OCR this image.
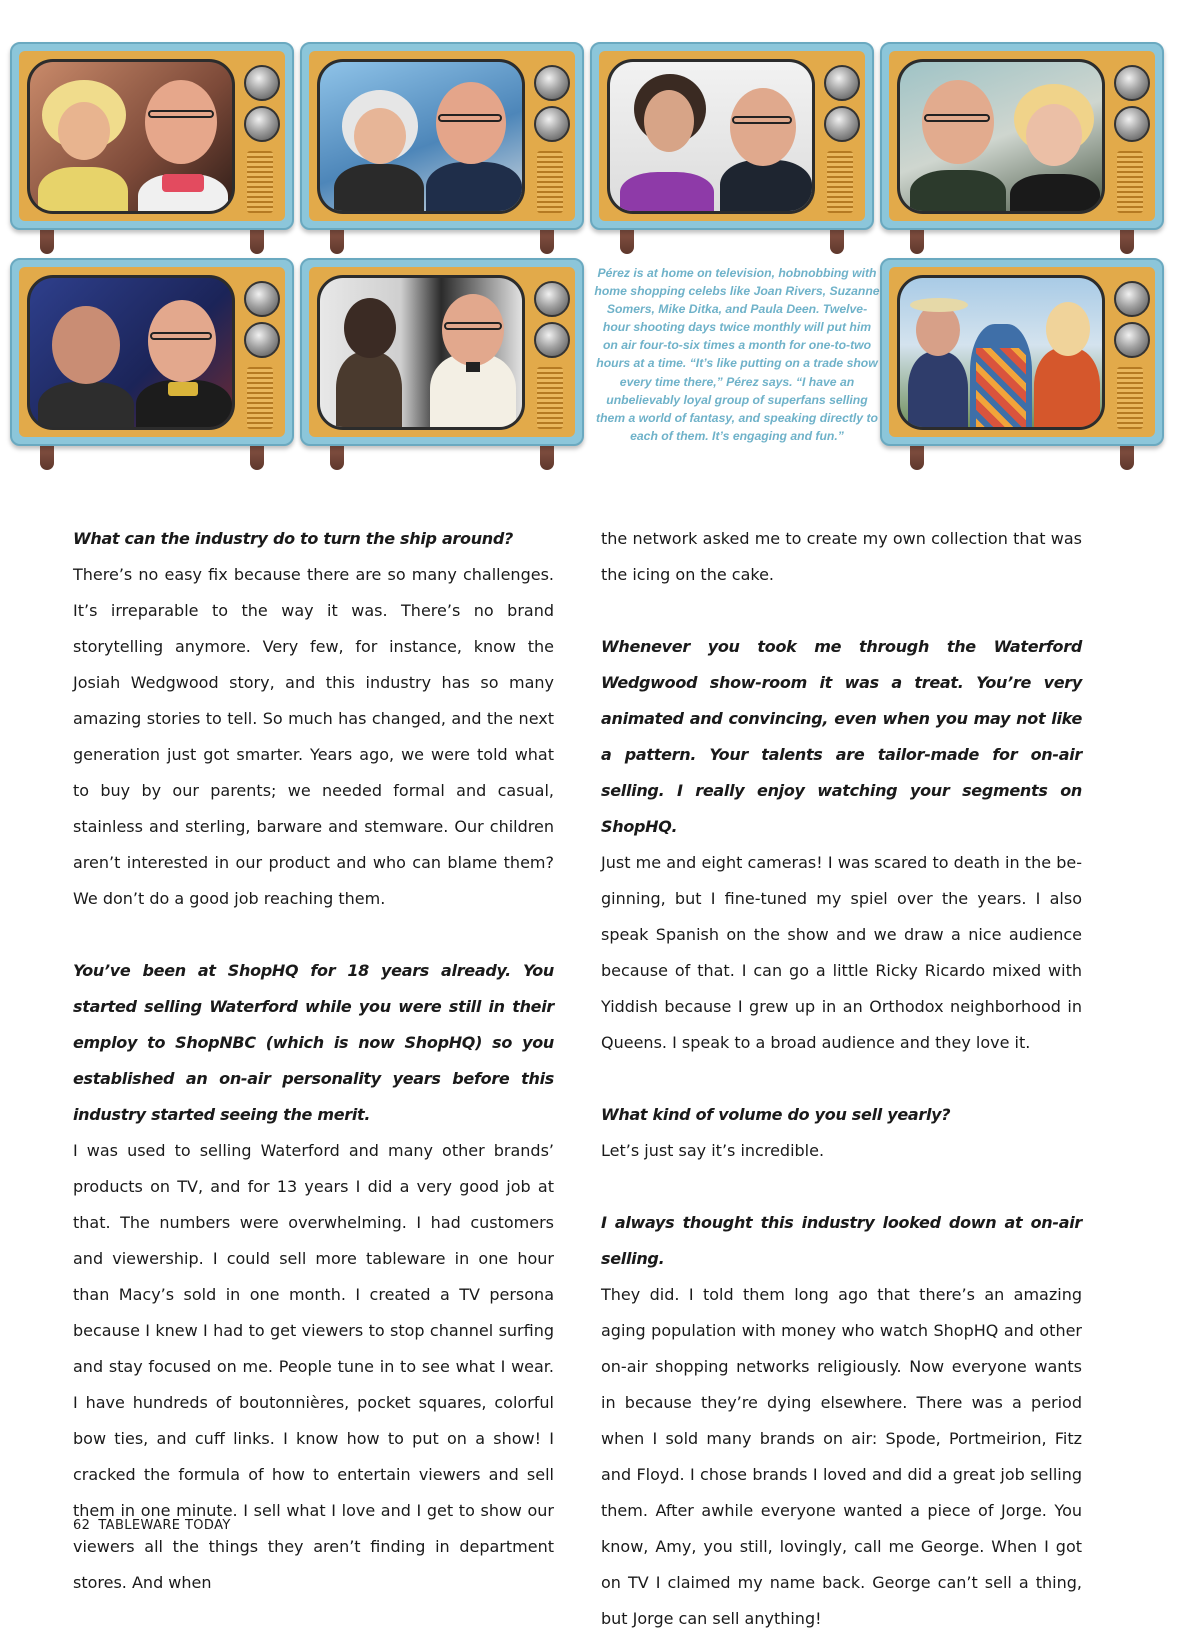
Pérez is at home on television, hobnobbing with home shopping celebs like Joan Rivers, Suzanne Somers, Mike Ditka, and Paula Deen. Twelve-hour shooting days twice monthly will put him on air four-to-six times a month for one-to-two hours at a time. “It’s like putting on a trade show every time there,” Pérez says. “I have an unbelievably loyal group of superfans selling them a world of fantasy, and speaking directly to each of them. It’s engaging and fun.”

What can the industry do to turn the ship around?

There’s no easy fix because there are so many challenges. It’s irreparable to the way it was. There’s no brand storytelling anymore. Very few, for instance, know the Josiah Wedgwood story, and this industry has so many amazing stories to tell. So much has changed, and the next generation just got smarter. Years ago, we were told what to buy by our parents; we needed formal and casual, stainless and sterling, barware and stemware. Our children aren’t interested in our product and who can blame them? We don’t do a good job reaching them.

You’ve been at ShopHQ for 18 years already. You started selling Waterford while you were still in their employ to ShopNBC (which is now ShopHQ) so you established an on-air personality years before this industry started seeing the merit.

I was used to selling Waterford and many other brands’ products on TV, and for 13 years I did a very good job at that. The numbers were overwhelming. I had customers and viewership. I could sell more tableware in one hour than Macy’s sold in one month. I created a TV persona because I knew I had to get viewers to stop channel surfing and stay focused on me. People tune in to see what I wear. I have hundreds of boutonnières, pocket squares, colorful bow ties, and cuff links. I know how to put on a show! I cracked the formula of how to entertain viewers and sell them in one minute. I sell what I love and I get to show our viewers all the things they aren’t finding in department stores. And when

the network asked me to create my own collection that was the icing on the cake.

Whenever you took me through the Waterford Wedgwood show-room it was a treat. You’re very animated and convincing, even when you may not like a pattern. Your talents are tailor-made for on-air selling. I really enjoy watching your segments on ShopHQ.

Just me and eight cameras! I was scared to death in the be-ginning, but I fine-tuned my spiel over the years. I also speak Spanish on the show and we draw a nice audience because of that. I can go a little Ricky Ricardo mixed with Yiddish because I grew up in an Orthodox neighborhood in Queens. I speak to a broad audience and they love it.

What kind of volume do you sell yearly?

Let’s just say it’s incredible.

I always thought this industry looked down at on-air selling.

They did. I told them long ago that there’s an amazing aging population with money who watch ShopHQ and other on-air shopping networks religiously. Now everyone wants in because they’re dying elsewhere. There was a period when I sold many brands on air: Spode, Portmeirion, Fitz and Floyd. I chose brands I loved and did a great job selling them. After awhile everyone wanted a piece of Jorge. You know, Amy, you still, lovingly, call me George. When I got on TV I claimed my name back. George can’t sell a thing, but Jorge can sell anything!

62 TABLEWARE TODAY
